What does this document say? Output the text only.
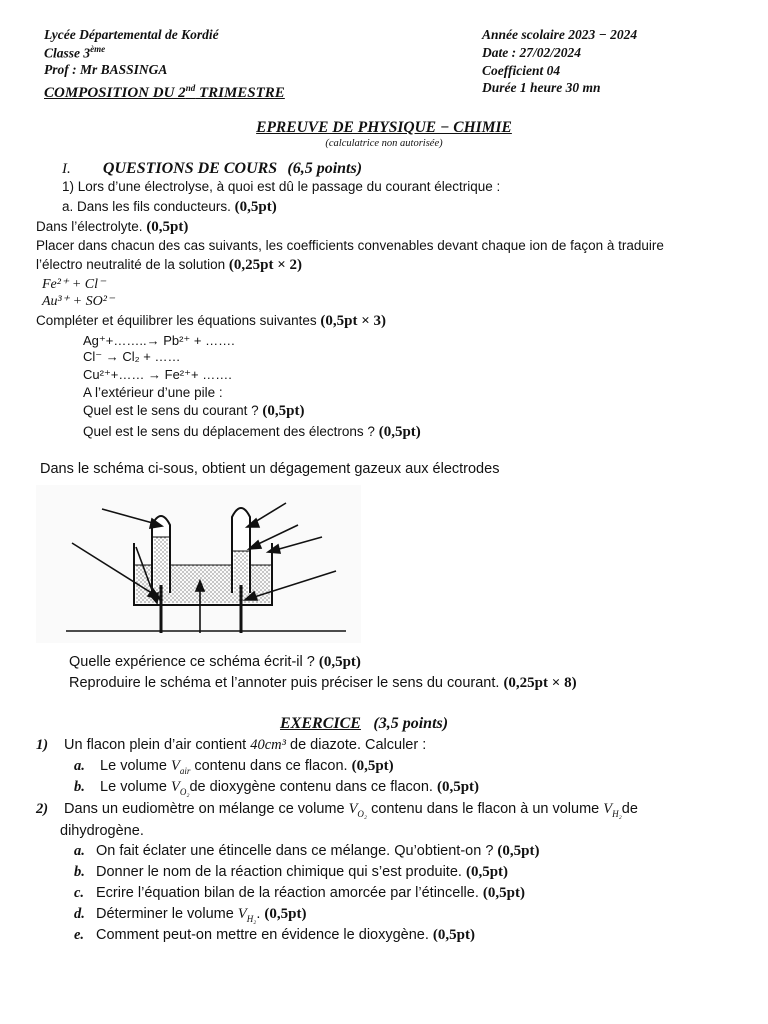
Lycée Départemental de Kordié
Classe 3ème
Prof : Mr BASSINGA
COMPOSITION DU 2nd TRIMESTRE
Année scolaire 2023 − 2024
Date : 27/02/2024
Coefficient 04
Durée 1 heure 30 mn
EPREUVE DE PHYSIQUE − CHIMIE
(calculatrice non autorisée)
I. QUESTIONS DE COURS (6,5 points)
1) Lors d’une électrolyse, à quoi est dû le passage du courant électrique :
a. Dans les fils conducteurs. (0,5pt)
Dans l’électrolyte. (0,5pt)
Placer dans chacun des cas suivants, les coefficients convenables devant chaque ion de façon à traduire
l’électro neutralité de la solution (0,25pt × 2)
Fe²⁺ + Cl⁻
Au³⁺ + SO²⁻
Compléter et équilibrer les équations suivantes (0,5pt × 3)
Ag⁺+……..→ Pb²⁺ + …….
Cl⁻ → Cl₂ + ……
Cu²⁺+…… → Fe²⁺+ …….
A l’extérieur d’une pile :
Quel est le sens du courant ? (0,5pt)
Quel est le sens du déplacement des électrons ? (0,5pt)
Dans le schéma ci-sous, obtient un dégagement gazeux aux électrodes
Quelle expérience ce schéma écrit-il ? (0,5pt)
Reproduire le schéma et l’annoter puis préciser le sens du courant. (0,25pt × 8)
EXERCICE (3,5 points)
1) Un flacon plein d’air contient 40cm³ de diazote. Calculer :
a. Le volume $V_{air}$ contenu dans ce flacon. (0,5pt)
b. Le volume $V_{O_2}de$ dioxygène contenu dans ce flacon. (0,5pt)
2) Dans un eudiomètre on mélange ce volume $V_{O_2}$ contenu dans le flacon à un volume $V_{H_2}de$
dihydrogène.
a. On fait éclater une étincelle dans ce mélange. Qu’obtient-on ? (0,5pt)
b. Donner le nom de la réaction chimique qui s’est produite. (0,5pt)
c. Ecrire l’équation bilan de la réaction amorcée par l’étincelle. (0,5pt)
d. Déterminer le volume $V_{H_2}$. (0,5pt)
e. Comment peut-on mettre en évidence le dioxygène. (0,5pt)
